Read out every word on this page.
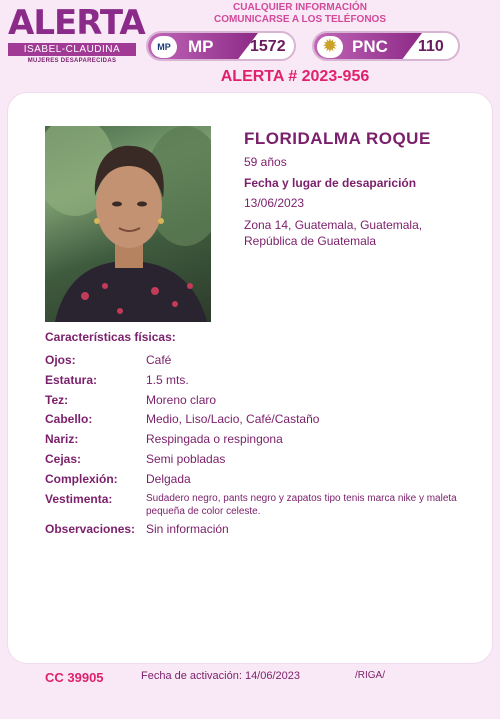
ALERTA
ISABEL-CLAUDINA
MUJERES DESAPARECIDAS
CUALQUIER INFORMACIÓN
COMUNICARSE A LOS TELÉFONOS
MP	MP 1572	✹ PNC 110
ALERTA # 2023-956
FLORIDALMA ROQUE
59 años
Fecha y lugar de desaparición
13/06/2023
Zona 14, Guatemala, Guatemala, República de Guatemala
Características físicas:
Ojos:	Café
Estatura:	1.5 mts.
Tez:	Moreno claro
Cabello:	Medio, Liso/Lacio, Café/Castaño
Nariz:	Respingada o respingona
Cejas:	Semi pobladas
Complexión:	Delgada
Vestimenta:	Sudadero negro, pants negro y zapatos tipo tenis marca nike y maleta pequeña de color celeste.
Observaciones: Sin información
CC 39905	Fecha de activación: 14/06/2023	/RIGA/
